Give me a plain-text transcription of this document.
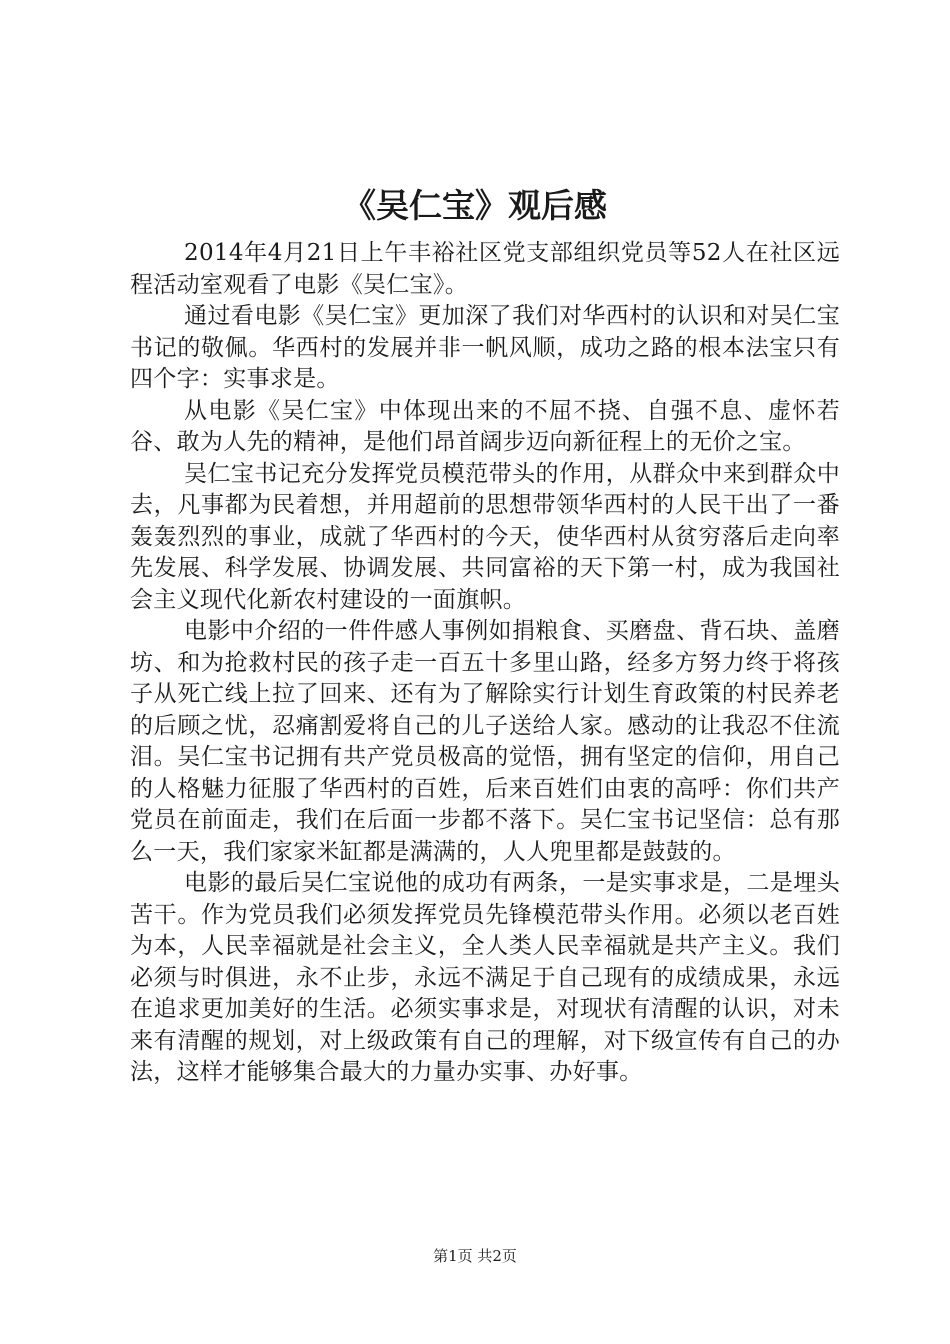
《吴仁宝》观后感

2014年4月21日上午丰裕社区党支部组织党员等52人在社区远程活动室观看了电影《吴仁宝》。

通过看电影《吴仁宝》更加深了我们对华西村的认识和对吴仁宝书记的敬佩。华西村的发展并非一帆风顺，成功之路的根本法宝只有四个字：实事求是。

从电影《吴仁宝》中体现出来的不屈不挠、自强不息、虚怀若谷、敢为人先的精神，是他们昂首阔步迈向新征程上的无价之宝。

吴仁宝书记充分发挥党员模范带头的作用，从群众中来到群众中去，凡事都为民着想，并用超前的思想带领华西村的人民干出了一番轰轰烈烈的事业，成就了华西村的今天，使华西村从贫穷落后走向率先发展、科学发展、协调发展、共同富裕的天下第一村，成为我国社会主义现代化新农村建设的一面旗帜。

电影中介绍的一件件感人事例如捐粮食、买磨盘、背石块、盖磨坊、和为抢救村民的孩子走一百五十多里山路，经多方努力终于将孩子从死亡线上拉了回来、还有为了解除实行计划生育政策的村民养老的后顾之忧，忍痛割爱将自己的儿子送给人家。感动的让我忍不住流泪。吴仁宝书记拥有共产党员极高的觉悟，拥有坚定的信仰，用自己的人格魅力征服了华西村的百姓，后来百姓们由衷的高呼：你们共产党员在前面走，我们在后面一步都不落下。吴仁宝书记坚信：总有那么一天，我们家家米缸都是满满的，人人兜里都是鼓鼓的。

电影的最后吴仁宝说他的成功有两条，一是实事求是，二是埋头苦干。作为党员我们必须发挥党员先锋模范带头作用。必须以老百姓为本，人民幸福就是社会主义，全人类人民幸福就是共产主义。我们必须与时俱进，永不止步，永远不满足于自己现有的成绩成果，永远在追求更加美好的生活。必须实事求是，对现状有清醒的认识，对未来有清醒的规划，对上级政策有自己的理解，对下级宣传有自己的办法，这样才能够集合最大的力量办实事、办好事。

第1页 共2页
